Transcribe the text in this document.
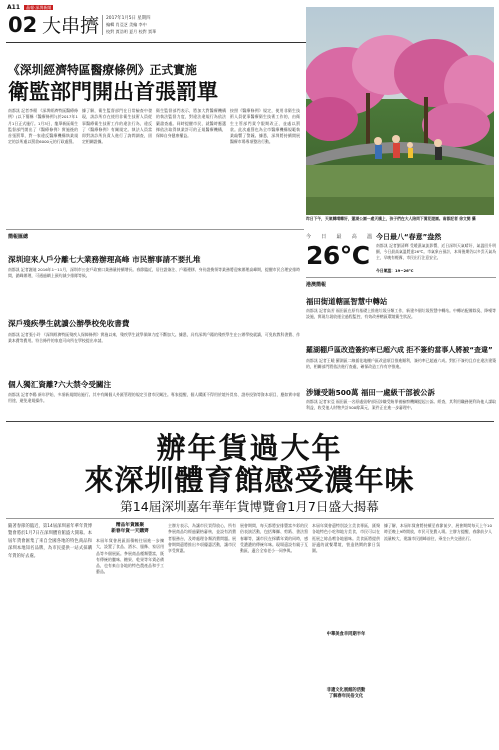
A11 晶報·深圳新聞
02 大串擠 2017年1月5日 星期四
編輯 肖亞芝 美編 李中
校對 賈浩明 夏月 校對 賈華
《深圳經濟特區醫療條例》正式實施
衛監部門開出首張罰單
南都訊 記者李楊 《深圳經濟特區醫療條例》(以下簡稱《醫療條例》)於2017年1月1日正式施行。1月3日，龍華新區衛生監督部門開出了《醫療條例》實施後的首張罰單，對一家違反醫療機構執業規定的診所處以罰款6000元的行政處罰。
據了解，衛生監督部門在日常檢查中發現，該診所存在使用非衛生技術人員從事醫療衛生技術工作的違法行為，違反了《醫療條例》有關規定。執法人員當即對該診所負責人進行了詢問調查，固定相關證據。
衛生監督部門表示，將加大對醫療機構的執法監督力度，對違法違規行為依法嚴肅查處。同時提醒市民，就醫時應選擇依法取得執業許可的正規醫療機構，保障自身健康權益。
按照《醫療條例》規定，使用非衛生技術人員從事醫療衛生技術工作的，由衛生主管部門責令限期改正，並處以罰款。此次處罰也為全市醫療機構規範執業敲響了警鐘。據悉，深圳將持續開展醫療市場專項整治行動。
昨日下午，天氣轉晴轉好，蓮湖公園一處天橋上，孩子們在大人陪同下賞花遊園。南都記者 徐文閱 攝
今 日 最 高 溫
26°C
今日最八“春意”盎然
南都訊 記者劉清輝 受暖濕氣流影響，近日深圳天氣晴好，氣溫回升明顯，今日最高氣溫將達26℃。市氣象台預計，本周後期仍以多雲天氣為主，早晚有輕霧，市民出行注意安全。
今日氣溫：19~26°C
簡報匯總
深圳迎來人戶分離七大業務辦理高峰 市民辦事請不要扎堆
南都訊 記者謝迪 2016年1~11月，深圳市公安戶政窗口業務量持續增長。春節臨近，居住證簽注、戶籍遷移、身份證換領等業務將迎來辦理高峰期，提醒市民合理安排時間，錯峰辦理，可通過網上預約減少排隊等候。
深戶殘疾學生就讀公辦學校免收書費
南都訊 記者張小玲 《深圳經濟特區殘疾人保障條例》實施以來，殘疾學生就學保障力度不斷加大。據悉，具有深圳戶籍的殘疾學生在公辦學校就讀，可免收教科書費、作業本費等費用。符合條件的家庭可向所在學校提出申請。
個人獨汇資離?六大禁令受關注
南都訊 記者李陽 新年伊始，多項新規開始施行。其中有關個人外匯管理的規定引發市民關注。專家提醒，個人購匯不得用於境外買房、證券投資等資本項目，應如實申報用途，避免違規操作。
港澳簡報
福田街道轄區智慧中轉站
南都訊 記者高芳 福田區在原有基礎上推進垃圾分類工作，新建多個垃圾智慧中轉站。中轉站配備除臭、降噪等設施，實現垃圾收運全過程監控，有效改善轄區環境衛生狀況。
羅湖棚戶區改造簽約率已超六成 拒不簽約當事人將被“查違”
南都訊 記者王曉 羅湖區二線插花地棚戶區改造項目推進順利，簽約率已超過六成。對拒不簽約且存在違法建築的，相關部門將依法進行查處，確保改造工作有序推進。
涉嫌受賄500萬 福田一處級干部被公訴
南都訊 記者宋亞 福田區一名原處級幹部因涉嫌受賄罪被檢察機關提起公訴。經查，其利用職務便利為他人謀取利益，收受他人財物共計500餘萬元，案件正在進一步審理中。
辦年貨過大年
來深圳體育館感受濃年味
第14屆深圳嘉年華年貨博覽會1月7日盛大揭幕
隨著春節的臨近，第14屆深圳嘉年華年貨博覽會將於1月7日在深圳體育館盛大開幕。本屆年貨會匯集了來自全國各地的特色商品和深圳本地知名品牌，為市民提供一站式採購年貨的好去處。
精品年貨匯聚
新春年貨一天購齊
本屆年貨會展區面積較往屆進一步擴大，設置了食品、酒水、服飾、家居用品等多個展區。參展商品種類豐富，既有傳統的臘味、糖果、乾果等年貨必備品，也有來自各地的特色農產品和手工藝品。
主辦方表示，為讓市民買得放心，所有參展商品均經過嚴格審核，並設有消費者服務台，及時處理各類消費問題。展會期間還將推出多項優惠活動，讓市民享受實惠。
展會期間，每天都將安排豐富多彩的民俗表演活動，包括舞獅、剪紙、書法寫春聯等，讓市民在採購年貨的同時，感受濃濃的傳統年味。現場還設有親子互動區，適合全家老小一同參與。
中華美食羊同期半年
本屆年貨會還特別設立美食專區，匯聚各地特色小吃和地方美食，市民可以在逛展之餘品嚐各地風味。美食區將提供舒適的就餐環境，營造熱鬧的節日氛圍。
非遺文化展館的活動
了解春年民俗文化
據了解，本屆年貨會將持續至春節前夕，展會期間每天上午10時至晚上9時開放，市民可免費入場。主辦方提醒，春節前夕人流量較大，建議市民錯峰前往，乘坐公共交通出行。
